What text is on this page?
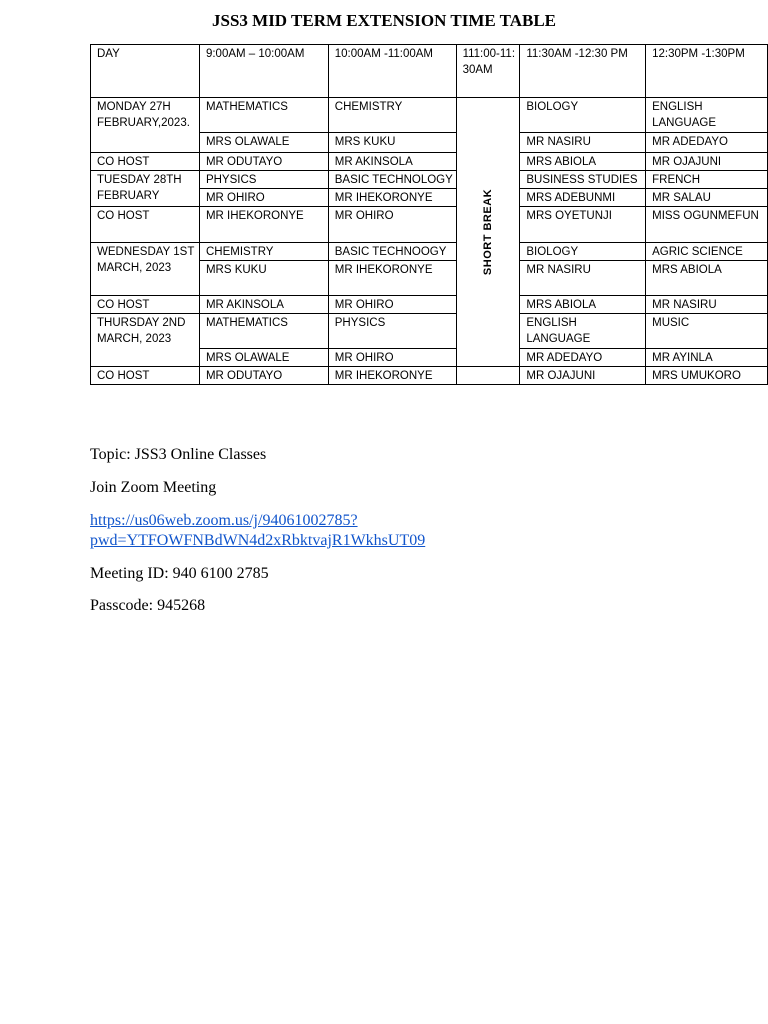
JSS3 MID TERM EXTENSION TIME TABLE
DAY	9:00AM – 10:00AM	10:00AM -11:00AM	111:00-11:30AM	11:30AM -12:30 PM	12:30PM -1:30PM
MONDAY 27H FEBRUARY,2023.	MATHEMATICS	CHEMISTRY	SHORT BREAK	BIOLOGY	ENGLISH LANGUAGE
	MRS OLAWALE	MRS KUKU		MR NASIRU	MR ADEDAYO
CO HOST	MR ODUTAYO	MR AKINSOLA		MRS ABIOLA	MR OJAJUNI
TUESDAY 28TH FEBRUARY	PHYSICS	BASIC TECHNOLOGY		BUSINESS STUDIES	FRENCH
	MR OHIRO	MR IHEKORONYE		MRS ADEBUNMI	MR SALAU
CO HOST	MR IHEKORONYE	MR OHIRO		MRS OYETUNJI	MISS OGUNMEFUN
WEDNESDAY 1ST MARCH, 2023	CHEMISTRY	BASIC TECHNOOGY		BIOLOGY	AGRIC SCIENCE
	MRS KUKU	MR IHEKORONYE		MR NASIRU	MRS ABIOLA
CO HOST	MR AKINSOLA	MR OHIRO		MRS ABIOLA	MR NASIRU
THURSDAY 2ND MARCH, 2023	MATHEMATICS	PHYSICS		ENGLISH LANGUAGE	MUSIC
	MRS OLAWALE	MR OHIRO		MR ADEDAYO	MR AYINLA
CO HOST	MR ODUTAYO	MR IHEKORONYE		MR OJAJUNI	MRS UMUKORO
Topic: JSS3 Online Classes
Join Zoom Meeting
https://us06web.zoom.us/j/94061002785?
pwd=YTFOWFNBdWN4d2xRbktvajR1WkhsUT09
Meeting ID: 940 6100 2785
Passcode: 945268
